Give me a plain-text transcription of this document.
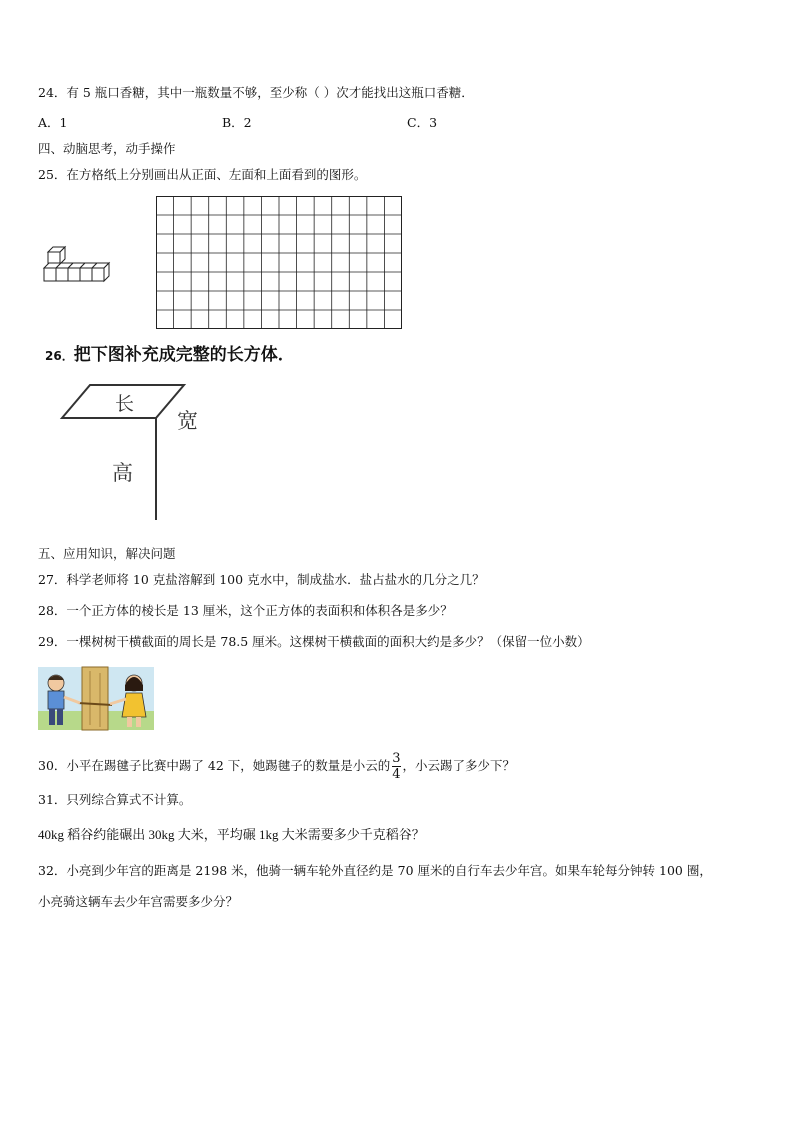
24．有 5 瓶口香糖，其中一瓶数量不够，至少称（ ）次才能找出这瓶口香糖．
A．1	B．2	C．3
四、动脑思考，动手操作
25．在方格纸上分别画出从正面、左面和上面看到的图形。
26．把下图补充成完整的长方体．
长
宽
高
五、应用知识，解决问题
27．科学老师将 10 克盐溶解到 100 克水中，制成盐水．盐占盐水的几分之几？
28．一个正方体的棱长是 13 厘米，这个正方体的表面积和体积各是多少？
29．一棵树树干横截面的周长是 78.5 厘米。这棵树干横截面的面积大约是多少？（保留一位小数）
30．小平在踢毽子比赛中踢了 42 下，她踢毽子的数量是小云的 $\frac{3}{4}$ ，小云踢了多少下？
31．只列综合算式不计算。
40kg 稻谷约能碾出 30kg 大米，平均碾 1kg 大米需要多少千克稻谷？
32．小亮到少年宫的距离是 2198 米，他骑一辆车轮外直径约是 70 厘米的自行车去少年宫。如果车轮每分钟转 100 圈，
小亮骑这辆车去少年宫需要多少分？
